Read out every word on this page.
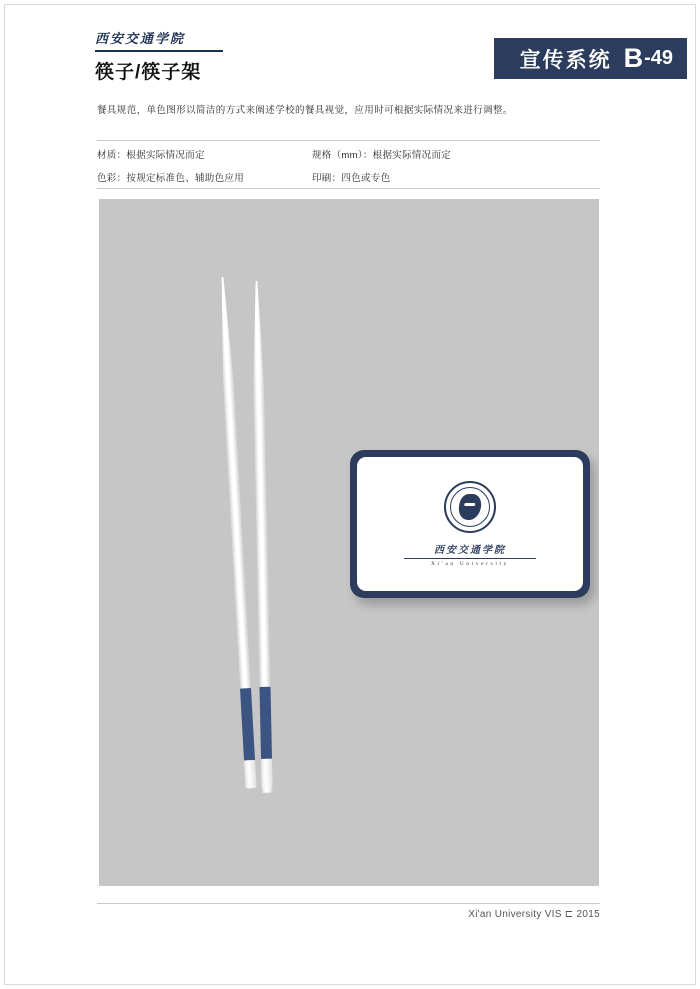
西安交通学院
筷子/筷子架
宣传系统 B -49
餐具规范，单色图形以简洁的方式来阐述学校的餐具视觉，应用时可根据实际情况来进行调整。
材质：根据实际情况而定	规格（mm）：根据实际情况而定
色彩：按规定标准色、辅助色应用	印刷：四色或专色
西安交通学院
Xi'an University
Xi'an University VIS ⊏ 2015
